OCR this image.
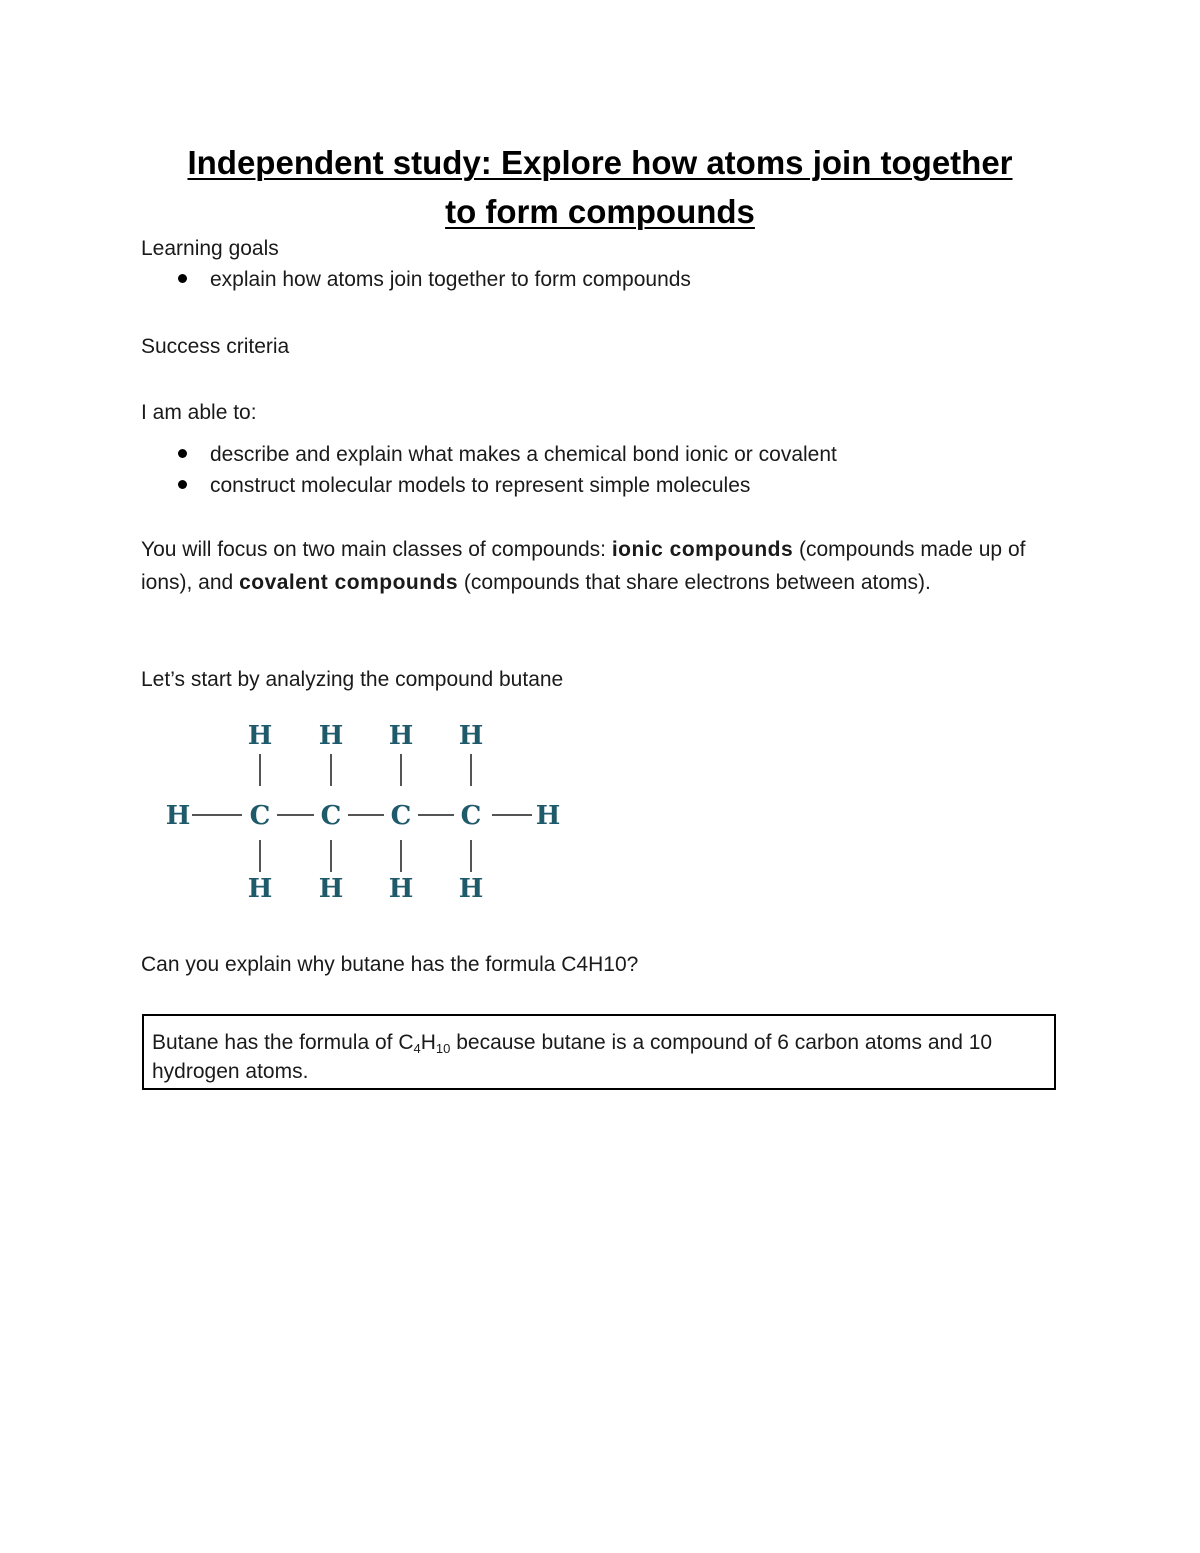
Independent study: Explore how atoms join together
to form compounds
Learning goals
explain how atoms join together to form compounds
Success criteria
I am able to:
describe and explain what makes a chemical bond ionic or covalent
construct molecular models to represent simple molecules
You will focus on two main classes of compounds: ionic compounds (compounds made up of ions), and covalent compounds (compounds that share electrons between atoms).
Let’s start by analyzing the compound butane
H	H
H
C
H
H
C
H
H
C
H
H
C
H
Can you explain why butane has the formula C4H10?
Butane has the formula of $C_4H_{10}$ because butane is a compound of 6 carbon atoms and 10 hydrogen atoms.
